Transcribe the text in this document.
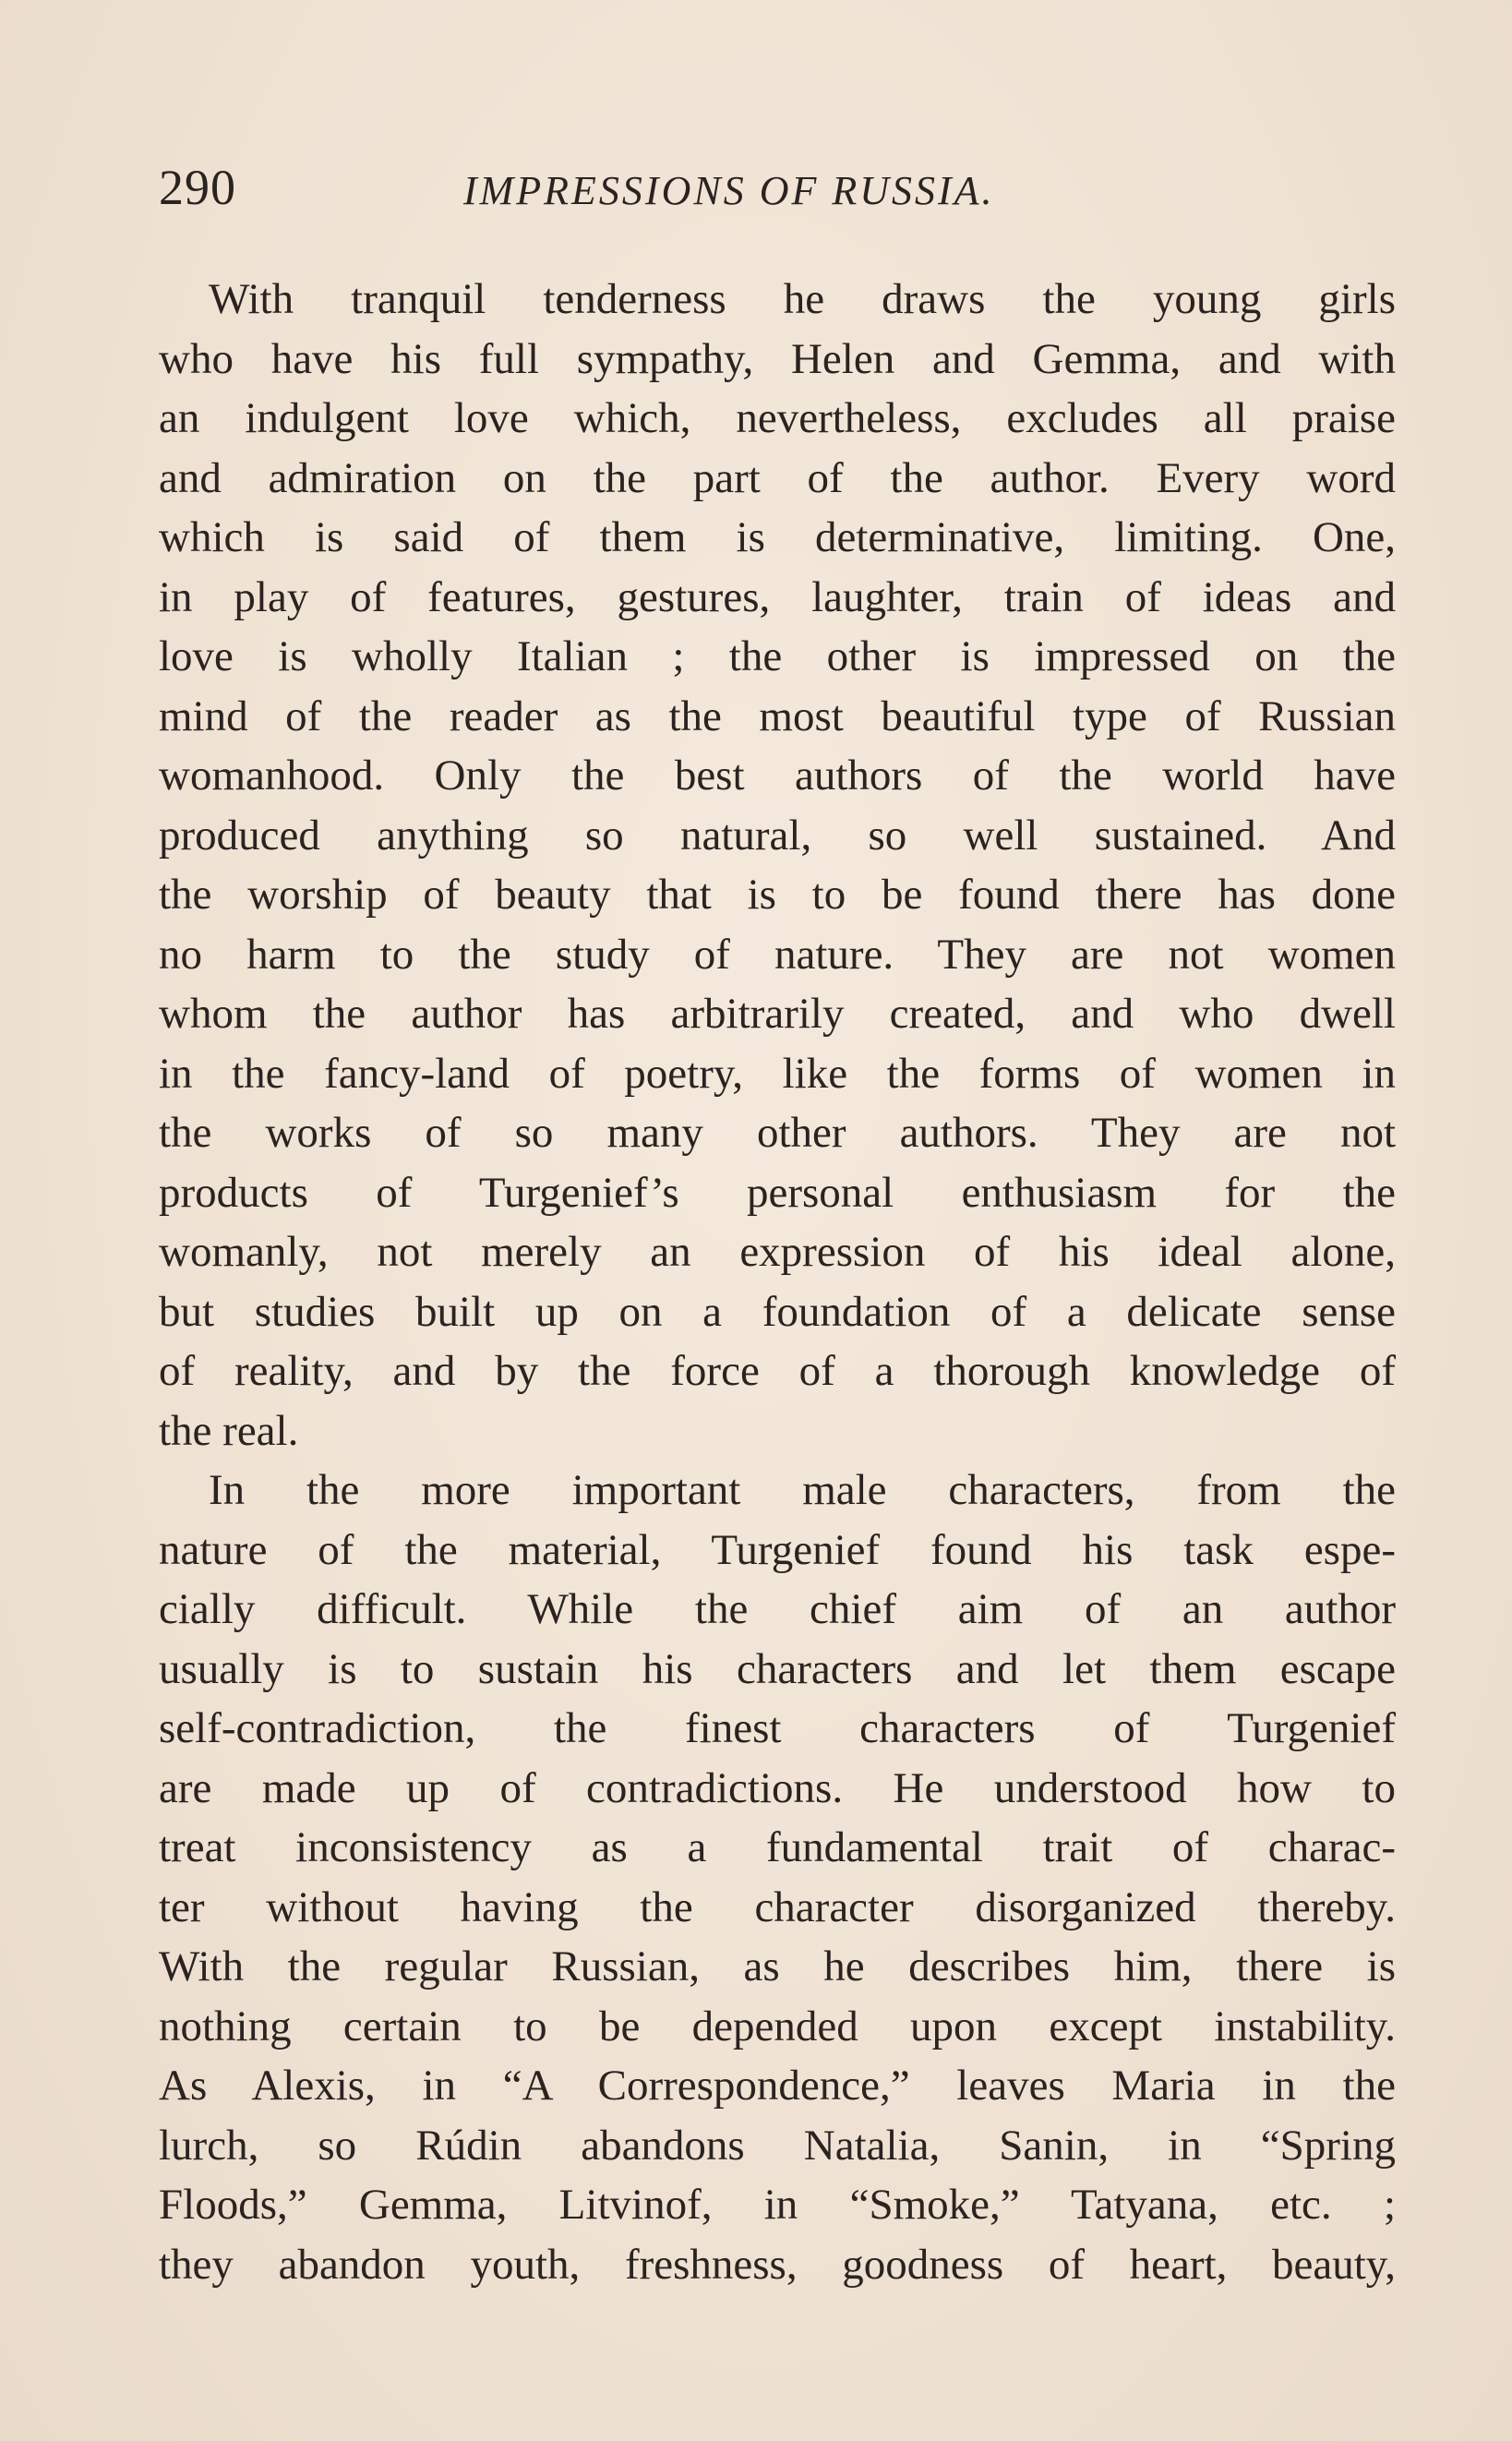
290	IMPRESSIONS OF RUSSIA.
With tranquil tenderness he draws the young girls
who have his full sympathy, Helen and Gemma, and with
an indulgent love which, nevertheless, excludes all praise
and admiration on the part of the author. Every word
which is said of them is determinative, limiting. One,
in play of features, gestures, laughter, train of ideas and
love is wholly Italian ; the other is impressed on the
mind of the reader as the most beautiful type of Russian
womanhood. Only the best authors of the world have
produced anything so natural, so well sustained. And
the worship of beauty that is to be found there has done
no harm to the study of nature. They are not women
whom the author has arbitrarily created, and who dwell
in the fancy-land of poetry, like the forms of women in
the works of so many other authors. They are not
products of Turgenief’s personal enthusiasm for the
womanly, not merely an expression of his ideal alone,
but studies built up on a foundation of a delicate sense
of reality, and by the force of a thorough knowledge of
the real.
In the more important male characters, from the
nature of the material, Turgenief found his task espe-
cially difficult. While the chief aim of an author
usually is to sustain his characters and let them escape
self-contradiction, the finest characters of Turgenief
are made up of contradictions. He understood how to
treat inconsistency as a fundamental trait of charac-
ter without having the character disorganized thereby.
With the regular Russian, as he describes him, there is
nothing certain to be depended upon except instability.
As Alexis, in “A Correspondence,” leaves Maria in the
lurch, so Rúdin abandons Natalia, Sanin, in “Spring
Floods,” Gemma, Litvinof, in “Smoke,” Tatyana, etc. ;
they abandon youth, freshness, goodness of heart, beauty,
